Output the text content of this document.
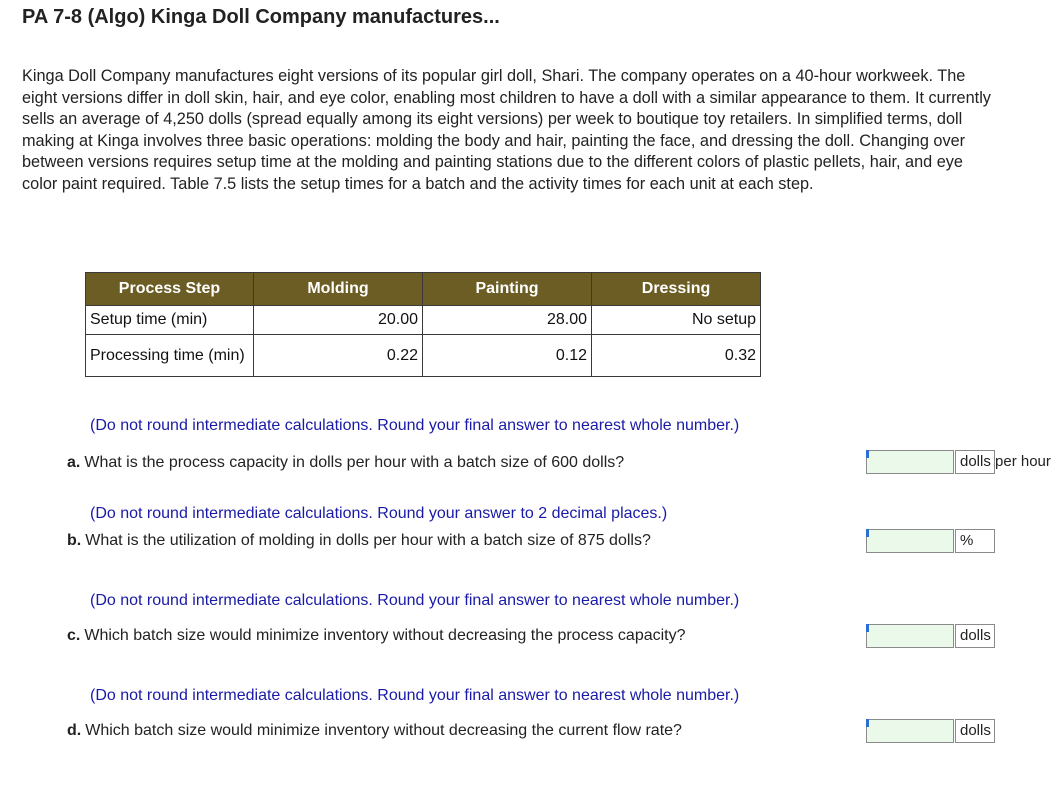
PA 7-8 (Algo) Kinga Doll Company manufactures...
Kinga Doll Company manufactures eight versions of its popular girl doll, Shari. The company operates on a 40-hour workweek. The eight versions differ in doll skin, hair, and eye color, enabling most children to have a doll with a similar appearance to them. It currently sells an average of 4,250 dolls (spread equally among its eight versions) per week to boutique toy retailers. In simplified terms, doll making at Kinga involves three basic operations: molding the body and hair, painting the face, and dressing the doll. Changing over between versions requires setup time at the molding and painting stations due to the different colors of plastic pellets, hair, and eye color paint required. Table 7.5 lists the setup times for a batch and the activity times for each unit at each step.
Process Step	Molding	Painting	Dressing
Setup time (min)	20.00	28.00	No setup
Processing time (min)	0.22	0.12	0.32
(Do not round intermediate calculations. Round your final answer to nearest whole number.)
a. What is the process capacity in dolls per hour with a batch size of 600 dolls?	dolls per hour
(Do not round intermediate calculations. Round your answer to 2 decimal places.)
b. What is the utilization of molding in dolls per hour with a batch size of 875 dolls?	%
(Do not round intermediate calculations. Round your final answer to nearest whole number.)
c. Which batch size would minimize inventory without decreasing the process capacity?	dolls
(Do not round intermediate calculations. Round your final answer to nearest whole number.)
d. Which batch size would minimize inventory without decreasing the current flow rate?	dolls
